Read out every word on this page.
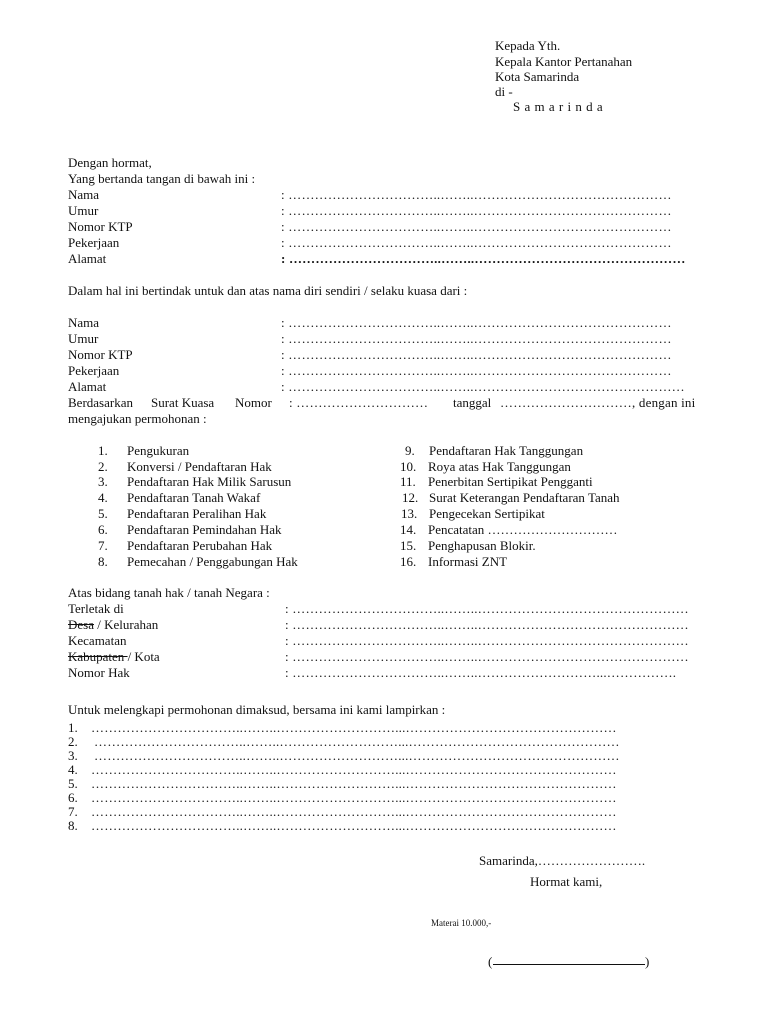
Kepada Yth.
Kepala Kantor Pertanahan
Kota Samarinda
di -
S a m a r i n d a
Dengan hormat,
Yang bertanda tangan di bawah ini :
Nama	: ……………………………..……..………………………………………
Umur	: ……………………………..……..………………………………………
Nomor KTP	: ……………………………..……..………………………………………
Pekerjaan	: ……………………………..……..………………………………………
Alamat	: ……………………………..……..…………………………………………
Dalam hal ini bertindak untuk dan atas nama diri sendiri / selaku kuasa dari :
Nama	: ……………………………..……..………………………………………
Umur	: ……………………………..……..………………………………………
Nomor KTP	: ……………………………..……..………………………………………
Pekerjaan	: ……………………………..……..………………………………………
Alamat	: ……………………………..……..…………………………………………
Berdasarkan Surat Kuasa Nomor : ………………………… tanggal …………………………, dengan ini
mengajukan permohonan :
1. Pengukuran
2. Konversi / Pendaftaran Hak
3. Pendaftaran Hak Milik Sarusun
4. Pendaftaran Tanah Wakaf
5. Pendaftaran Peralihan Hak
6. Pendaftaran Pemindahan Hak
7. Pendaftaran Perubahan Hak
8. Pemecahan / Penggabungan Hak
9. Pendaftaran Hak Tanggungan
10. Roya atas Hak Tanggungan
11. Penerbitan Sertipikat Pengganti
12. Surat Keterangan Pendaftaran Tanah
13. Pengecekan Sertipikat
14. Pencatatan …………………………
15. Penghapusan Blokir.
16. Informasi ZNT
Atas bidang tanah hak / tanah Negara :
Terletak di	: ……………………………..……..…………………………………………
Desa / Kelurahan	: ……………………………..……..…………………………………………
Kecamatan	: ……………………………..……..…………………………………………
Kabupaten / Kota	: ……………………………..……..…………………………………………
Nomor Hak	: ……………………………..……..………………………...…………….
Untuk melengkapi permohonan dimaksud, bersama ini kami lampirkan :
1. ……………………………..……..………………………...…………………………………………
2. ……………………………..……..………………………...…………………………………………
3. ……………………………..……..………………………...…………………………………………
4. ……………………………..……..………………………...…………………………………………
5. ……………………………..……..………………………...…………………………………………
6. ……………………………..……..………………………...…………………………………………
7. ……………………………..……..………………………...…………………………………………
8. ……………………………..……..………………………...…………………………………………
Samarinda,…………………….
Hormat kami,
Materai 10.000,-
(	)
